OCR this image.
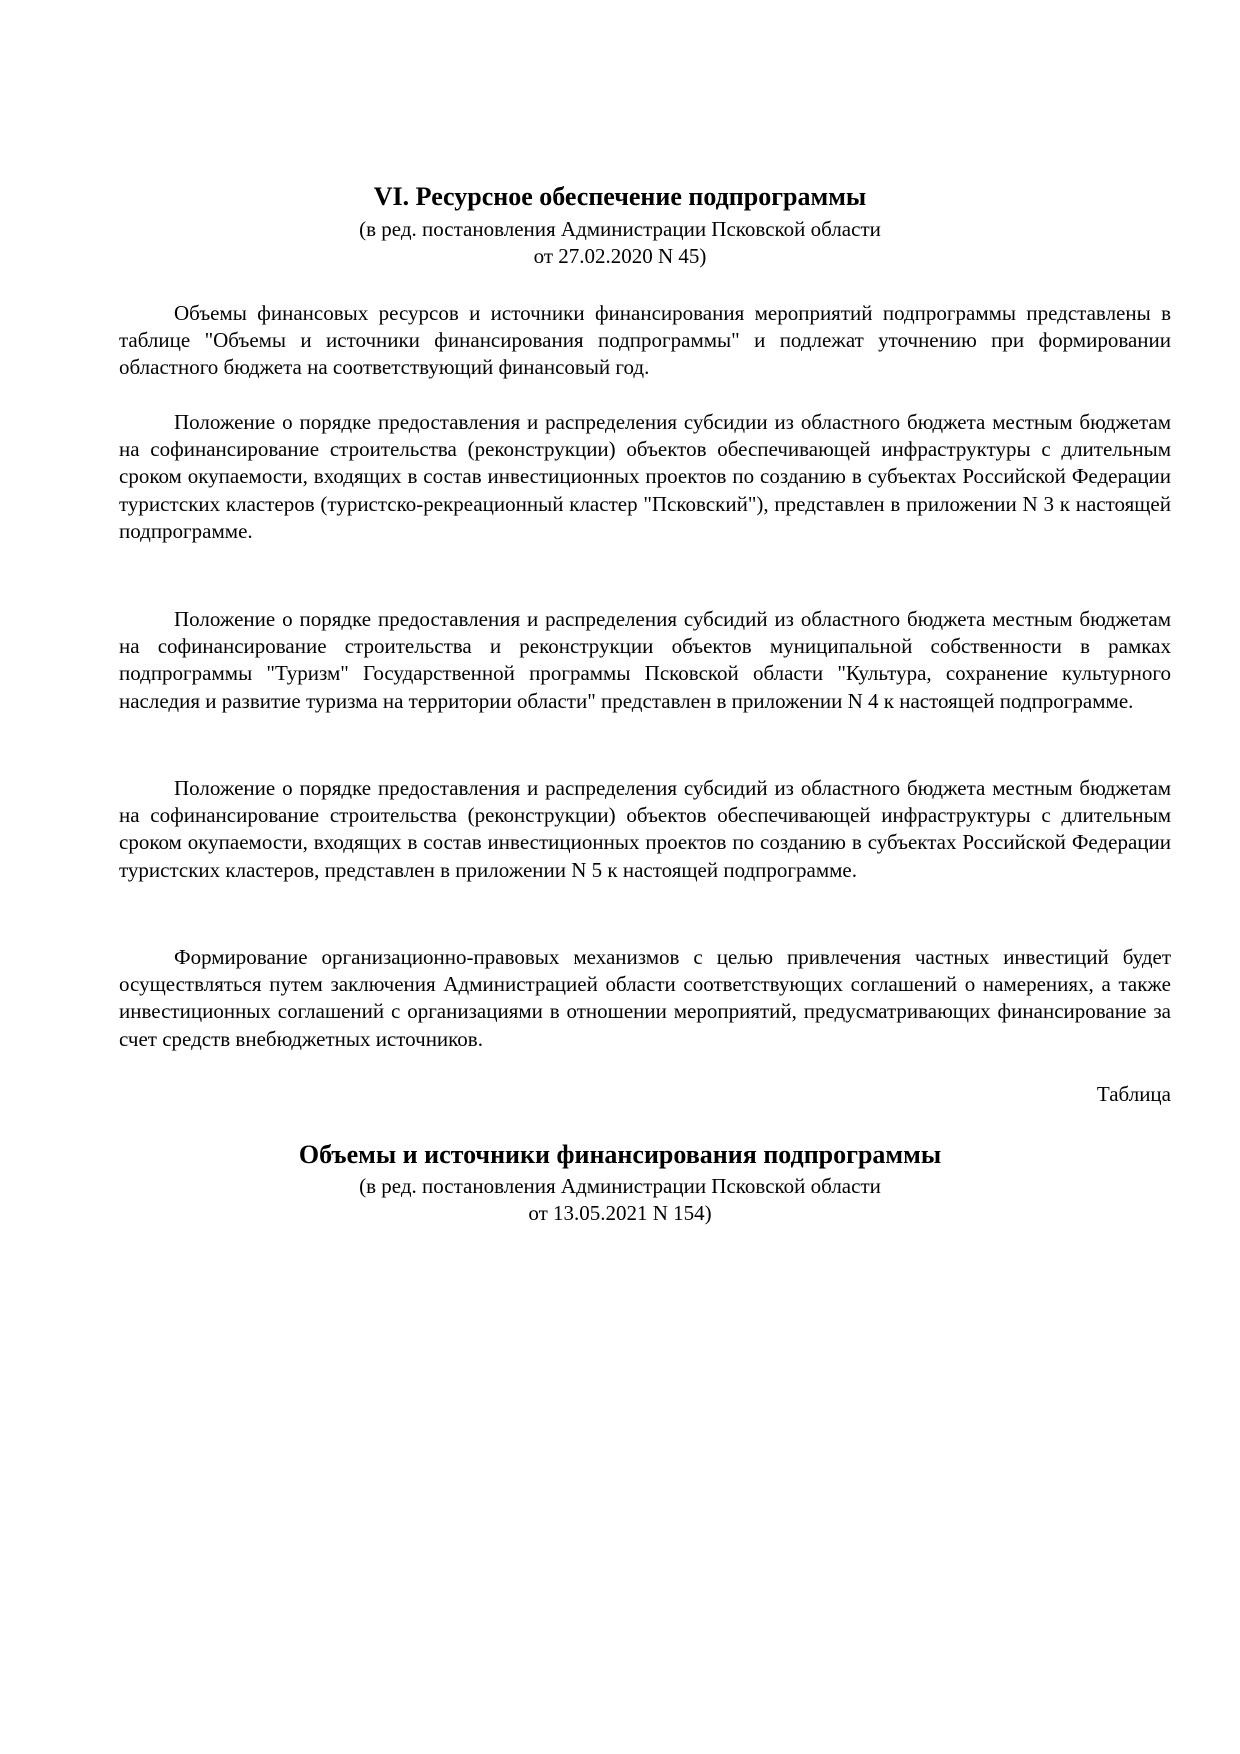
VI. Ресурсное обеспечение подпрограммы
(в ред. постановления Администрации Псковской области
от 27.02.2020 N 45)

Объемы финансовых ресурсов и источники финансирования мероприятий подпрограммы представлены в таблице "Объемы и источники финансирования подпрограммы" и подлежат уточнению при формировании областного бюджета на соответствующий финансовый год.

Положение о порядке предоставления и распределения субсидии из областного бюджета местным бюджетам на софинансирование строительства (реконструкции) объектов обеспечивающей инфраструктуры с длительным сроком окупаемости, входящих в состав инвестиционных проектов по созданию в субъектах Российской Федерации туристских кластеров (туристско-рекреационный кластер "Псковский"), представлен в приложении N 3 к настоящей подпрограмме.

Положение о порядке предоставления и распределения субсидий из областного бюджета местным бюджетам на софинансирование строительства и реконструкции объектов муниципальной собственности в рамках подпрограммы "Туризм" Государственной программы Псковской области "Культура, сохранение культурного наследия и развитие туризма на территории области" представлен в приложении N 4 к настоящей подпрограмме.

Положение о порядке предоставления и распределения субсидий из областного бюджета местным бюджетам на софинансирование строительства (реконструкции) объектов обеспечивающей инфраструктуры с длительным сроком окупаемости, входящих в состав инвестиционных проектов по созданию в субъектах Российской Федерации туристских кластеров, представлен в приложении N 5 к настоящей подпрограмме.

Формирование организационно-правовых механизмов с целью привлечения частных инвестиций будет осуществляться путем заключения Администрацией области соответствующих соглашений о намерениях, а также инвестиционных соглашений с организациями в отношении мероприятий, предусматривающих финансирование за счет средств внебюджетных источников.

Таблица
Объемы и источники финансирования подпрограммы
(в ред. постановления Администрации Псковской области
от 13.05.2021 N 154)
